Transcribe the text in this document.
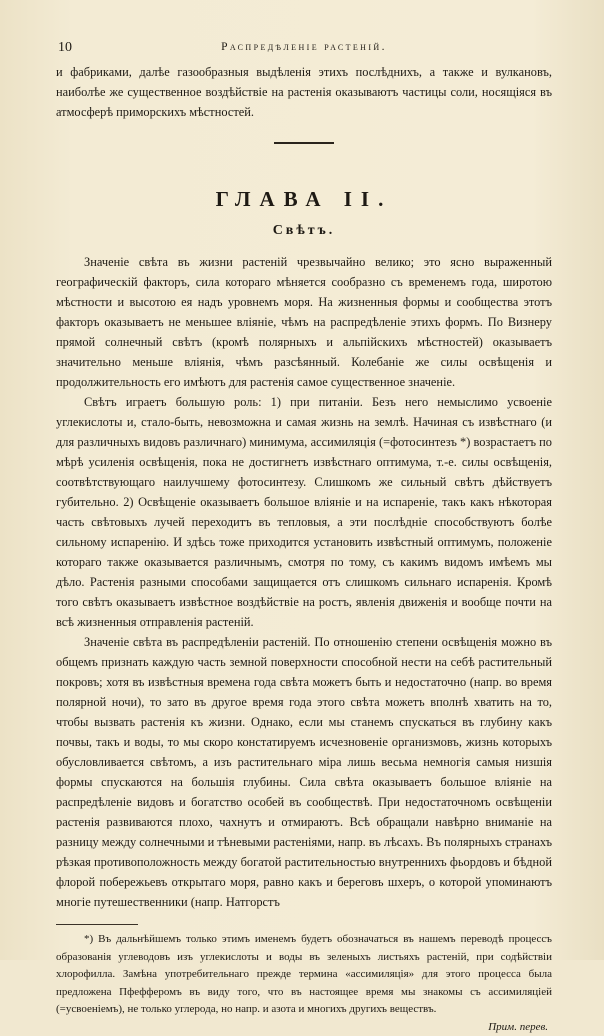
10	Распредѣленіе растеній.

и фабриками, далѣе газообразныя выдѣленія этихъ послѣднихъ, а также и вулкановъ, наиболѣе же существенное воздѣйствіе на растенія оказываютъ частицы соли, носящіяся въ атмосферѣ приморскихъ мѣстностей.

ГЛАВА II.
Свѣтъ.

Значеніе свѣта въ жизни растеній чрезвычайно велико; это ясно выраженный географическій факторъ, сила котораго мѣняется сообразно съ временемъ года, широтою мѣстности и высотою ея надъ уровнемъ моря. На жизненныя формы и сообщества этотъ факторъ оказываетъ не меньшее вліяніе, чѣмъ на распредѣленіе этихъ формъ. По Визнеру прямой солнечный свѣтъ (кромѣ полярныхъ и альпійскихъ мѣстностей) оказываетъ значительно меньше вліянія, чѣмъ разсѣянный. Колебаніе же силы освѣщенія и продолжительность его имѣютъ для растенія самое существенное значеніе.

Свѣтъ играетъ большую роль: 1) при питаніи. Безъ него немыслимо усвоеніе углекислоты и, стало-быть, невозможна и самая жизнь на землѣ. Начиная съ извѣстнаго (и для различныхъ видовъ различнаго) минимума, ассимиляція (=фотосинтезъ *) возрастаетъ по мѣрѣ усиленія освѣщенія, пока не достигнетъ извѣстнаго оптимума, т.-е. силы освѣщенія, соотвѣтствующаго наилучшему фотосинтезу. Слишкомъ же сильный свѣтъ дѣйствуетъ губительно. 2) Освѣщеніе оказываетъ большое вліяніе и на испареніе, такъ какъ нѣкоторая часть свѣтовыхъ лучей переходитъ въ тепловыя, а эти послѣдніе способствуютъ болѣе сильному испаренію. И здѣсь тоже приходится установить извѣстный оптимумъ, положеніе котораго также оказывается различнымъ, смотря по тому, съ какимъ видомъ имѣемъ мы дѣло. Растенія разными способами защищается отъ слишкомъ сильнаго испаренія. Кромѣ того свѣтъ оказываетъ извѣстное воздѣйствіе на ростъ, явленія движенія и вообще почти на всѣ жизненныя отправленія растеній.

Значеніе свѣта въ распредѣленіи растеній. По отношенію степени освѣщенія можно въ общемъ признать каждую часть земной поверхности способной нести на себѣ растительный покровъ; хотя въ извѣстныя времена года свѣта можетъ быть и недостаточно (напр. во время полярной ночи), то зато въ другое время года этого свѣта можетъ вполнѣ хватить на то, чтобы вызвать растенія къ жизни. Однако, если мы станемъ спускаться въ глубину какъ почвы, такъ и воды, то мы скоро констатируемъ исчезновеніе организмовъ, жизнь которыхъ обусловливается свѣтомъ, а изъ растительнаго міра лишь весьма немногія самыя низшія формы спускаются на большія глубины. Сила свѣта оказываетъ большое вліяніе на распредѣленіе видовъ и богатство особей въ сообществѣ. При недостаточномъ освѣщеніи растенія развиваются плохо, чахнутъ и отмираютъ. Всѣ обращали навѣрно вниманіе на разницу между солнечными и тѣневыми растеніями, напр. въ лѣсахъ. Въ полярныхъ странахъ рѣзкая противоположность между богатой растительностью внутреннихъ фьордовъ и бѣдной флорой побережьевъ открытаго моря, равно какъ и береговъ шхеръ, о которой упоминаютъ многіе путешественники (напр. Натгорстъ

*) Въ дальнѣйшемъ только этимъ именемъ будетъ обозначаться въ нашемъ переводѣ процессъ образованія углеводовъ изъ углекислоты и воды въ зеленыхъ листьяхъ растеній, при содѣйствіи хлорофилла. Замѣна употребительнаго прежде термина «ассимиляція» для этого процесса была предложена Пфефферомъ въ виду того, что въ настоящее время мы знакомы съ ассимиляціей (=усвоеніемъ), не только углерода, но напр. и азота и многихъ другихъ веществъ.

Прим. перев.
